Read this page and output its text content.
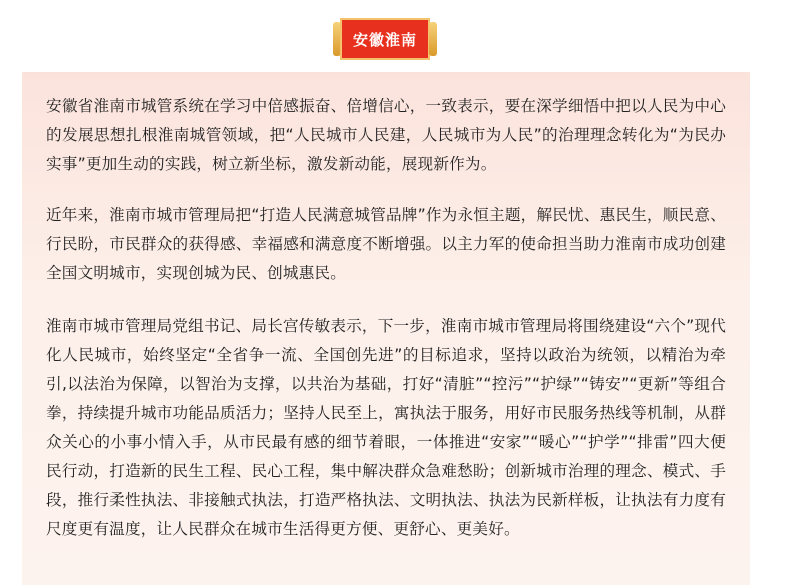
安徽淮南

安徽省淮南市城管系统在学习中倍感振奋、倍增信心，一致表示，要在深学细悟中把以人民为中心的发展思想扎根淮南城管领域，把“人民城市人民建，人民城市为人民”的治理理念转化为“为民办实事”更加生动的实践，树立新坐标，激发新动能，展现新作为。

近年来，淮南市城市管理局把“打造人民满意城管品牌”作为永恒主题，解民忧、惠民生，顺民意、行民盼，市民群众的获得感、幸福感和满意度不断增强。以主力军的使命担当助力淮南市成功创建全国文明城市，实现创城为民、创城惠民。

淮南市城市管理局党组书记、局长宫传敏表示，下一步，淮南市城市管理局将围绕建设“六个”现代化人民城市，始终坚定“全省争一流、全国创先进”的目标追求，坚持以政治为统领，以精治为牵引,以法治为保障，以智治为支撑，以共治为基础，打好“清脏”“控污”“护绿”“铸安”“更新”等组合拳，持续提升城市功能品质活力；坚持人民至上，寓执法于服务，用好市民服务热线等机制，从群众关心的小事小情入手，从市民最有感的细节着眼，一体推进“安家”“暖心”“护学”“排雷”四大便民行动，打造新的民生工程、民心工程，集中解决群众急难愁盼；创新城市治理的理念、模式、手段，推行柔性执法、非接触式执法，打造严格执法、文明执法、执法为民新样板，让执法有力度有尺度更有温度，让人民群众在城市生活得更方便、更舒心、更美好。
